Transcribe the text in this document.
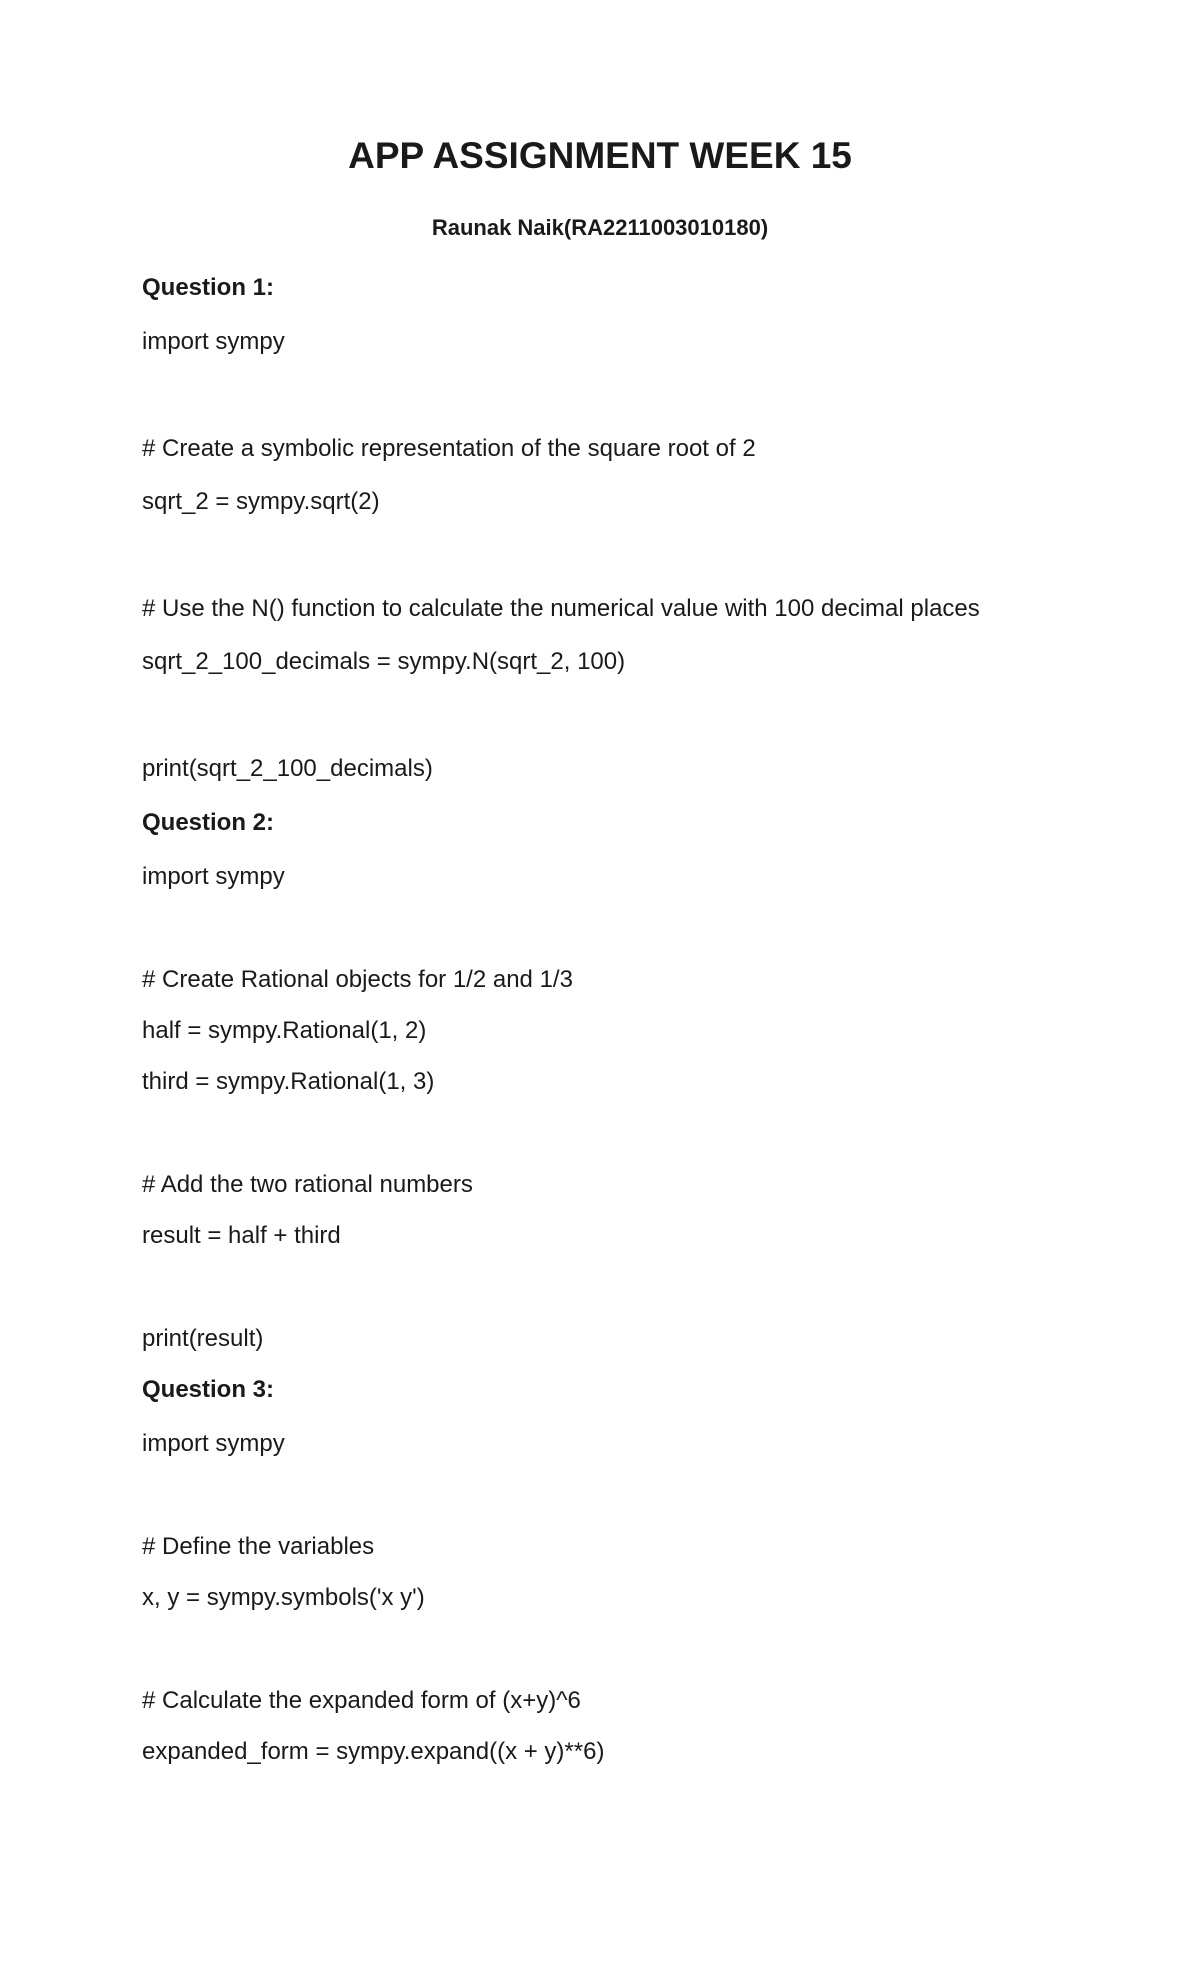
APP ASSIGNMENT WEEK 15
Raunak Naik(RA2211003010180)
Question 1:
import sympy
# Create a symbolic representation of the square root of 2
sqrt_2 = sympy.sqrt(2)
# Use the N() function to calculate the numerical value with 100 decimal places
sqrt_2_100_decimals = sympy.N(sqrt_2, 100)
print(sqrt_2_100_decimals)
Question 2:
import sympy
# Create Rational objects for 1/2 and 1/3
half = sympy.Rational(1, 2)
third = sympy.Rational(1, 3)
# Add the two rational numbers
result = half + third
print(result)
Question 3:
import sympy
# Define the variables
x, y = sympy.symbols('x y')
# Calculate the expanded form of (x+y)^6
expanded_form = sympy.expand((x + y)**6)
